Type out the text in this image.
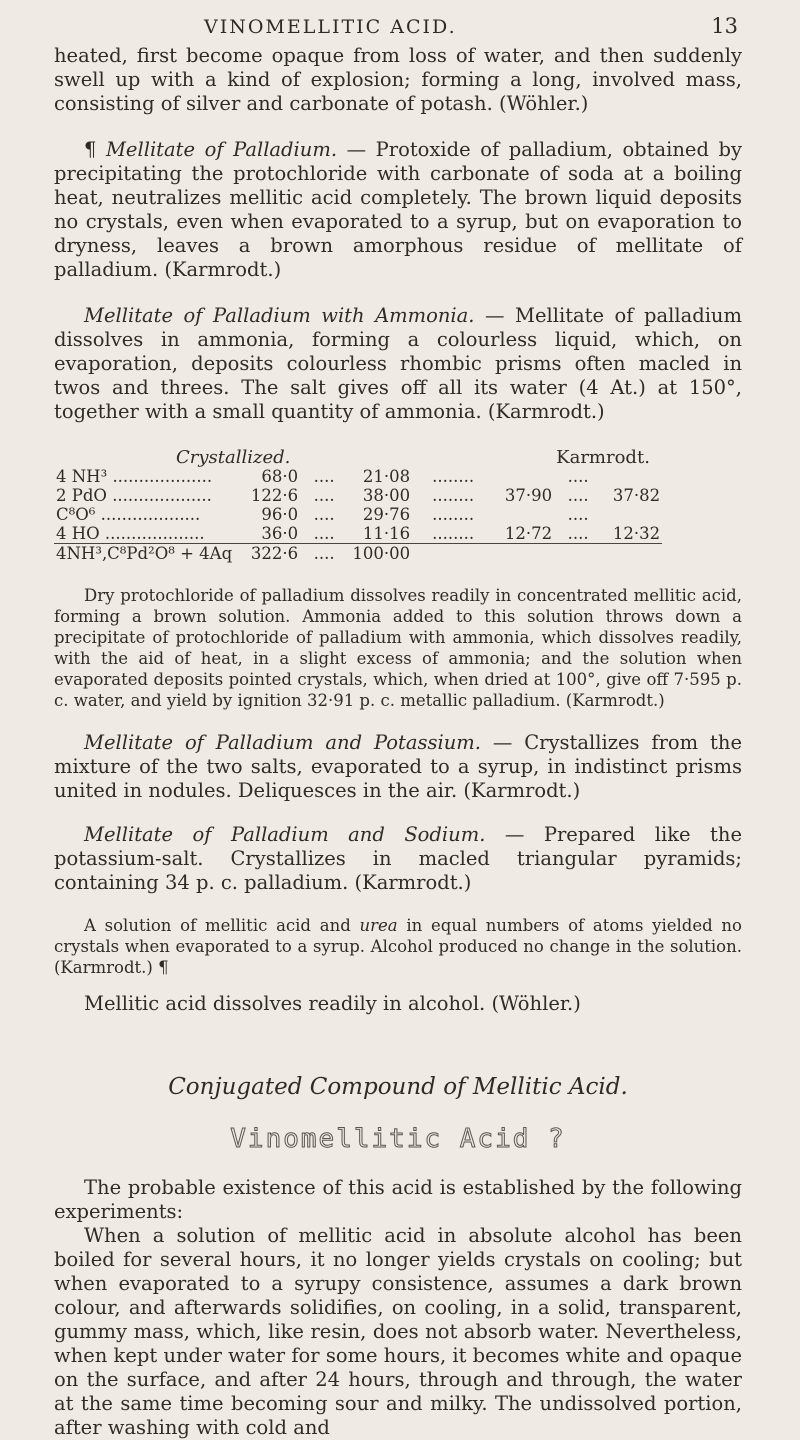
VINOMELLITIC ACID.	13

heated, first become opaque from loss of water, and then suddenly swell up with a kind of explosion; forming a long, involved mass, consisting of silver and carbonate of potash. (Wöhler.)

¶ Mellitate of Palladium. — Protoxide of palladium, obtained by precipitating the protochloride with carbonate of soda at a boiling heat, neutralizes mellitic acid completely. The brown liquid deposits no crystals, even when evaporated to a syrup, but on evaporation to dryness, leaves a brown amorphous residue of mellitate of palladium. (Karmrodt.)

Mellitate of Palladium with Ammonia. — Mellitate of palladium dissolves in ammonia, forming a colourless liquid, which, on evaporation, deposits colourless rhombic prisms often macled in twos and threes. The salt gives off all its water (4 At.) at 150°, together with a small quantity of ammonia. (Karmrodt.)

Crystallized.						Karmrodt.	
4 NH³ ...................	68·0	....	21·08	........		....	
2 PdO ...................	122·6	....	38·00	........	37·90	....	37·82
C⁸O⁶ ...................	96·0	....	29·76	........		....	
4 HO ...................	36·0	....	11·16	........	12·72	....	12·32
4NH³,C⁸Pd²O⁸ + 4Aq	322·6	....	100·00				

Dry protochloride of palladium dissolves readily in concentrated mellitic acid, forming a brown solution. Ammonia added to this solution throws down a precipitate of protochloride of palladium with ammonia, which dissolves readily, with the aid of heat, in a slight excess of ammonia; and the solution when evaporated deposits pointed crystals, which, when dried at 100°, give off 7·595 p. c. water, and yield by ignition 32·91 p. c. metallic palladium. (Karmrodt.)

Mellitate of Palladium and Potassium. — Crystallizes from the mixture of the two salts, evaporated to a syrup, in indistinct prisms united in nodules. Deliquesces in the air. (Karmrodt.)

Mellitate of Palladium and Sodium. — Prepared like the potassium-salt. Crystallizes in macled triangular pyramids; containing 34 p. c. palladium. (Karmrodt.)

A solution of mellitic acid and urea in equal numbers of atoms yielded no crystals when evaporated to a syrup. Alcohol produced no change in the solution. (Karmrodt.) ¶

Mellitic acid dissolves readily in alcohol. (Wöhler.)

Conjugated Compound of Mellitic Acid.
Vinomellitic Acid ?

The probable existence of this acid is established by the following experiments:

When a solution of mellitic acid in absolute alcohol has been boiled for several hours, it no longer yields crystals on cooling; but when evaporated to a syrupy consistence, assumes a dark brown colour, and afterwards solidifies, on cooling, in a solid, transparent, gummy mass, which, like resin, does not absorb water. Nevertheless, when kept under water for some hours, it becomes white and opaque on the surface, and after 24 hours, through and through, the water at the same time becoming sour and milky. The undissolved portion, after washing with cold and
